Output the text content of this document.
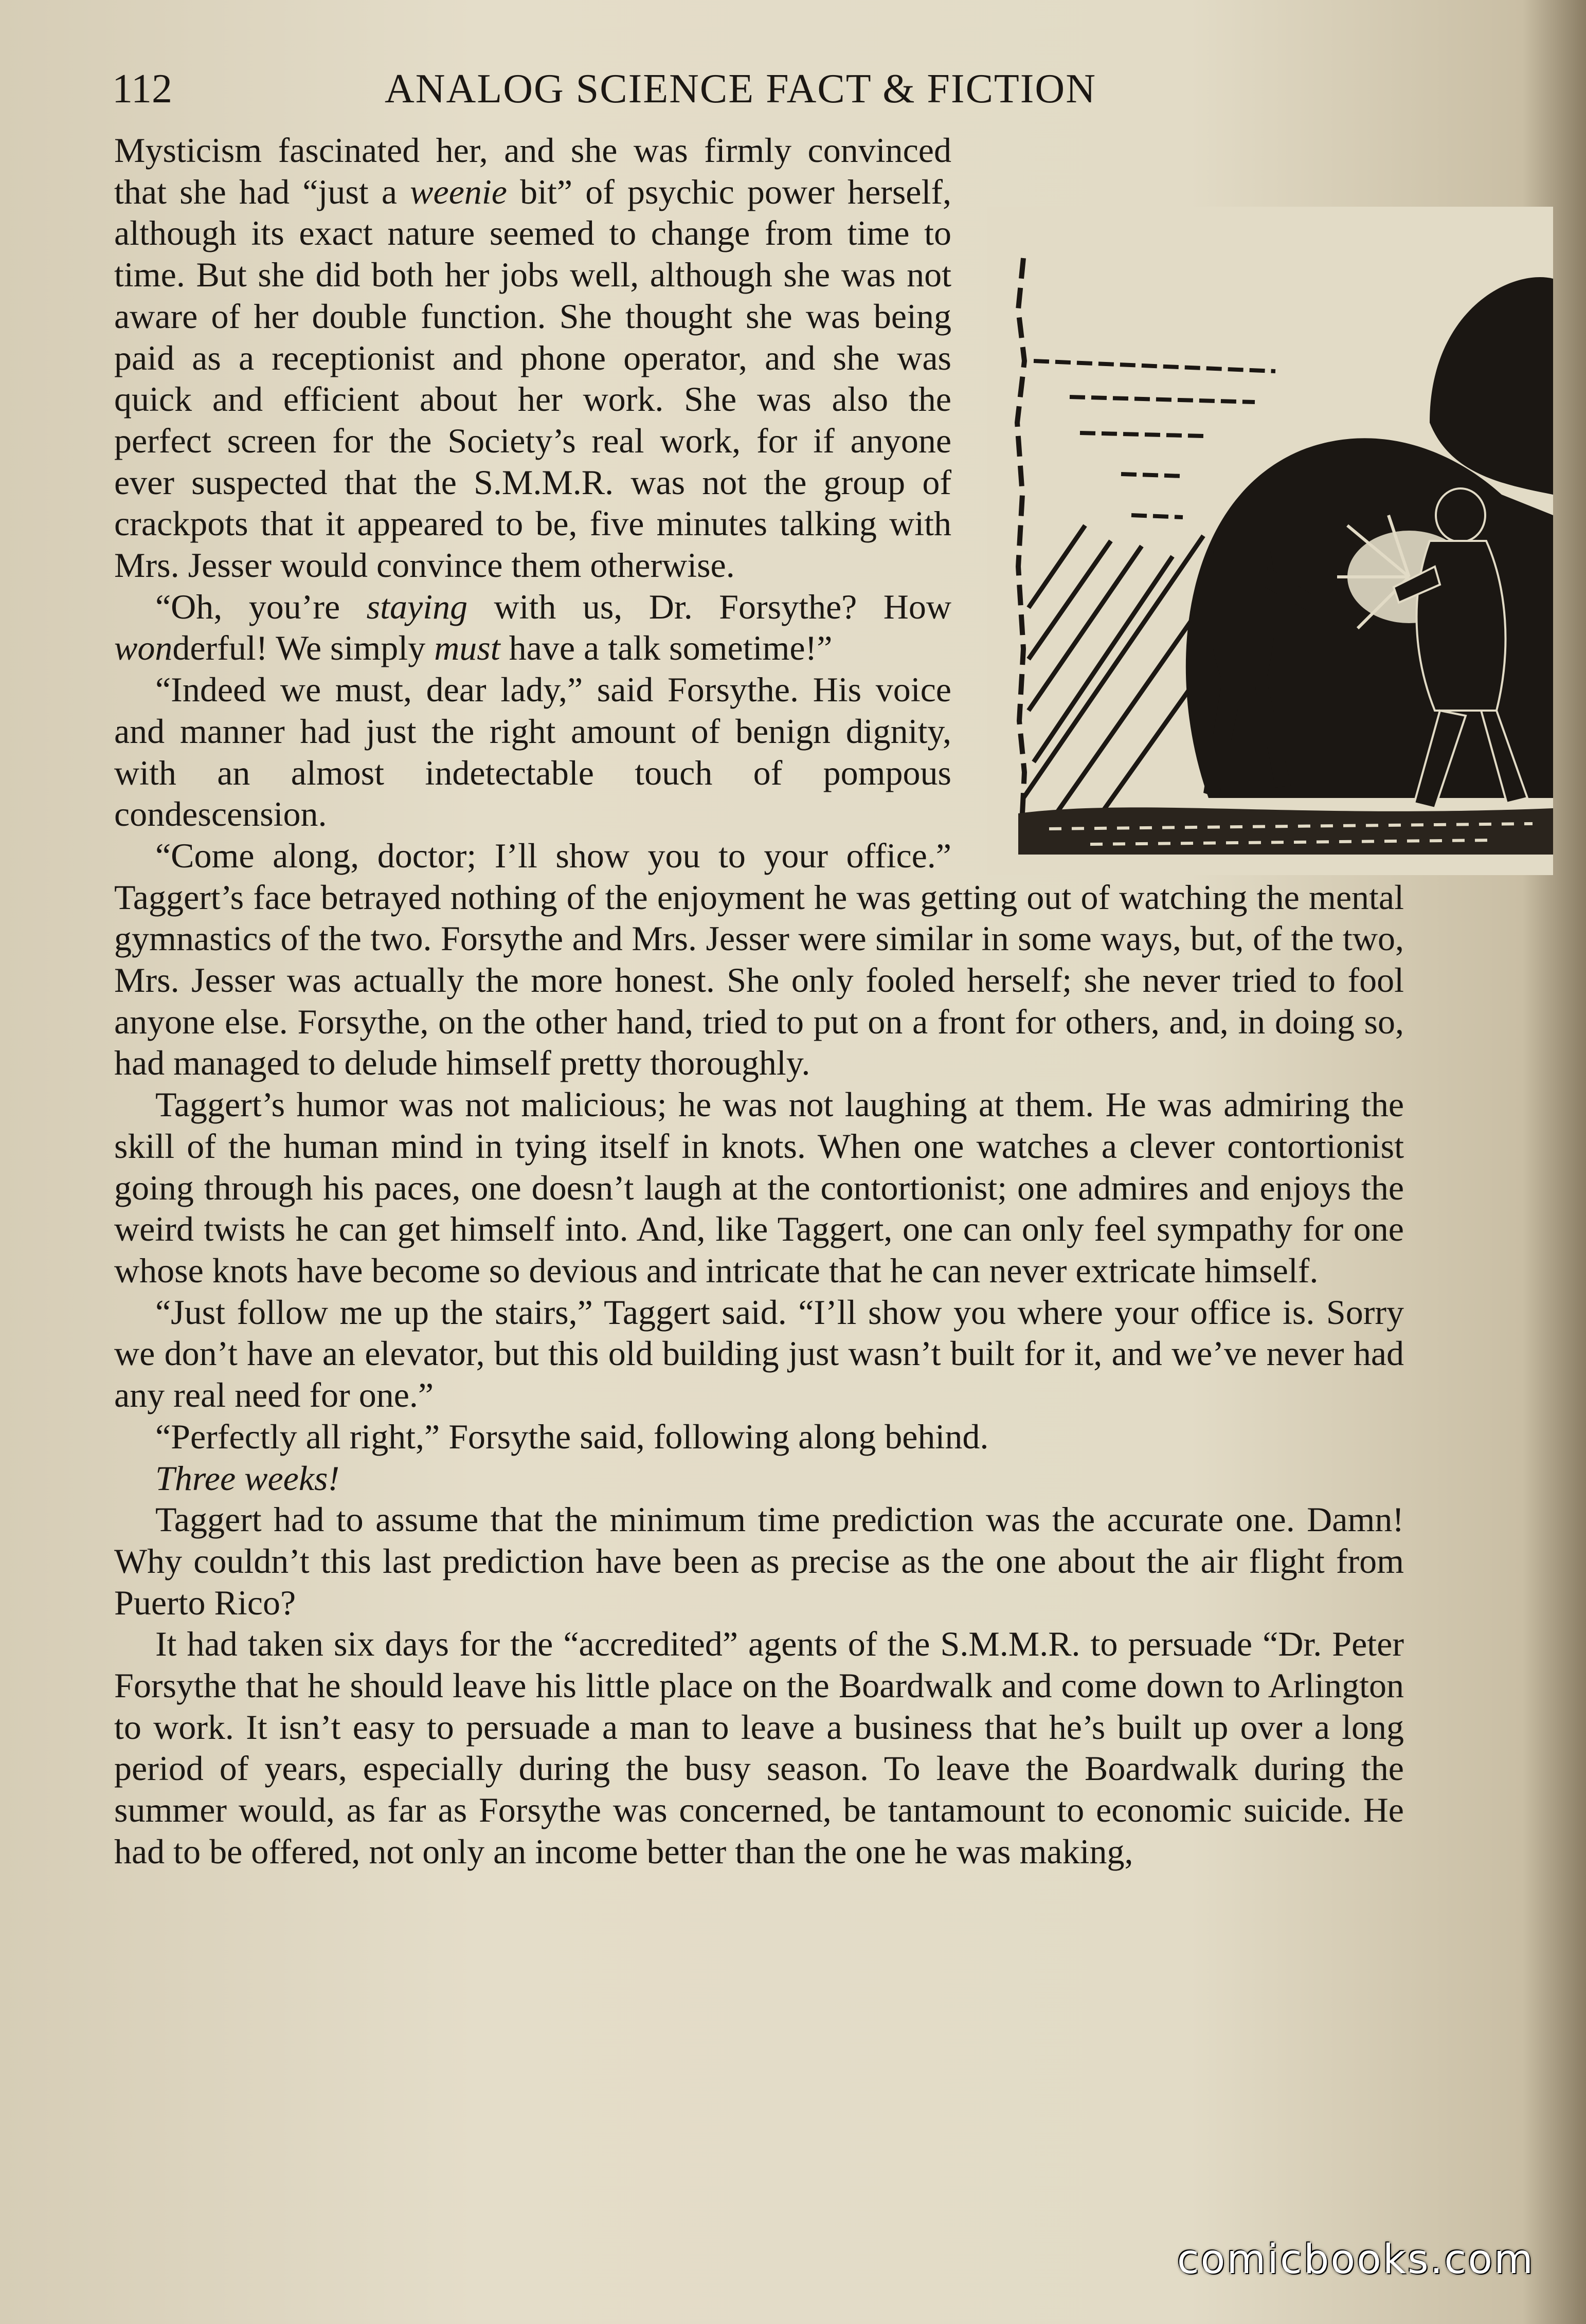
112	ANALOG SCIENCE FACT & FICTION

Mysticism fascinated her, and she was firmly convinced that she had “just a weenie bit” of psychic power herself, although its exact nature seemed to change from time to time. But she did both her jobs well, although she was not aware of her double function. She thought she was being paid as a receptionist and phone operator, and she was quick and efficient about her work. She was also the perfect screen for the Society’s real work, for if anyone ever suspected that the S.M.M.R. was not the group of crackpots that it appeared to be, five minutes talking with Mrs. Jesser would convince them otherwise.

“Oh, you’re staying with us, Dr. Forsythe? How wonderful! We simply must have a talk sometime!”

“Indeed we must, dear lady,” said Forsythe. His voice and manner had just the right amount of benign dignity, with an almost indetectable touch of pompous condescension.

“Come along, doctor; I’ll show you to your office.” Taggert’s face betrayed nothing of the enjoyment he was getting out of watching the mental gymnastics of the two. Forsythe and Mrs. Jesser were similar in some ways, but, of the two, Mrs. Jesser was actually the more honest. She only fooled herself; she never tried to fool anyone else. Forsythe, on the other hand, tried to put on a front for others, and, in doing so, had managed to delude himself pretty thoroughly.

Taggert’s humor was not malicious; he was not laughing at them. He was admiring the skill of the human mind in tying itself in knots. When one watches a clever contortionist going through his paces, one doesn’t laugh at the contortionist; one admires and enjoys the weird twists he can get himself into. And, like Taggert, one can only feel sympathy for one whose knots have become so devious and intricate that he can never extricate himself.

“Just follow me up the stairs,” Taggert said. “I’ll show you where your office is. Sorry we don’t have an elevator, but this old building just wasn’t built for it, and we’ve never had any real need for one.”

“Perfectly all right,” Forsythe said, following along behind.

Three weeks!

Taggert had to assume that the minimum time prediction was the accurate one. Damn! Why couldn’t this last prediction have been as precise as the one about the air flight from Puerto Rico?

It had taken six days for the “accredited” agents of the S.M.M.R. to persuade “Dr. Peter Forsythe that he should leave his little place on the Boardwalk and come down to Arlington to work. It isn’t easy to persuade a man to leave a business that he’s built up over a long period of years, especially during the busy season. To leave the Boardwalk during the summer would, as far as Forsythe was concerned, be tantamount to economic suicide. He had to be offered, not only an income better than the one he was making,

comicbooks.com
